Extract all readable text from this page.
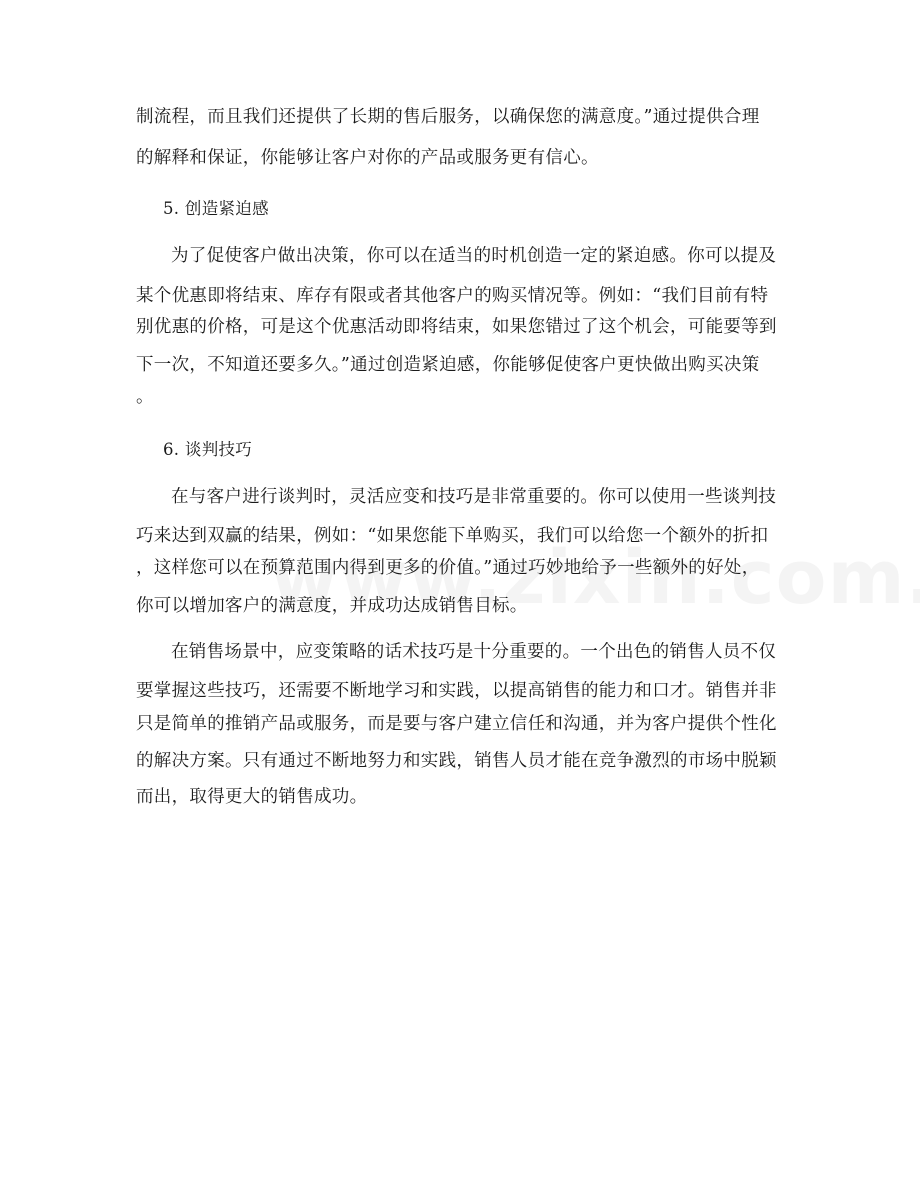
制流程，而且我们还提供了长期的售后服务，以确保您的满意度。”通过提供合理
的解释和保证，你能够让客户对你的产品或服务更有信心。
5. 创造紧迫感
为了促使客户做出决策，你可以在适当的时机创造一定的紧迫感。你可以提及
某个优惠即将结束、库存有限或者其他客户的购买情况等。例如：“我们目前有特
别优惠的价格，可是这个优惠活动即将结束，如果您错过了这个机会，可能要等到
下一次，不知道还要多久。”通过创造紧迫感，你能够促使客户更快做出购买决策
。
6. 谈判技巧
在与客户进行谈判时，灵活应变和技巧是非常重要的。你可以使用一些谈判技
巧来达到双赢的结果，例如：“如果您能下单购买，我们可以给您一个额外的折扣
，这样您可以在预算范围内得到更多的价值。”通过巧妙地给予一些额外的好处，
你可以增加客户的满意度，并成功达成销售目标。
在销售场景中，应变策略的话术技巧是十分重要的。一个出色的销售人员不仅
要掌握这些技巧，还需要不断地学习和实践，以提高销售的能力和口才。销售并非
只是简单的推销产品或服务，而是要与客户建立信任和沟通，并为客户提供个性化
的解决方案。只有通过不断地努力和实践，销售人员才能在竞争激烈的市场中脱颖
而出，取得更大的销售成功。
